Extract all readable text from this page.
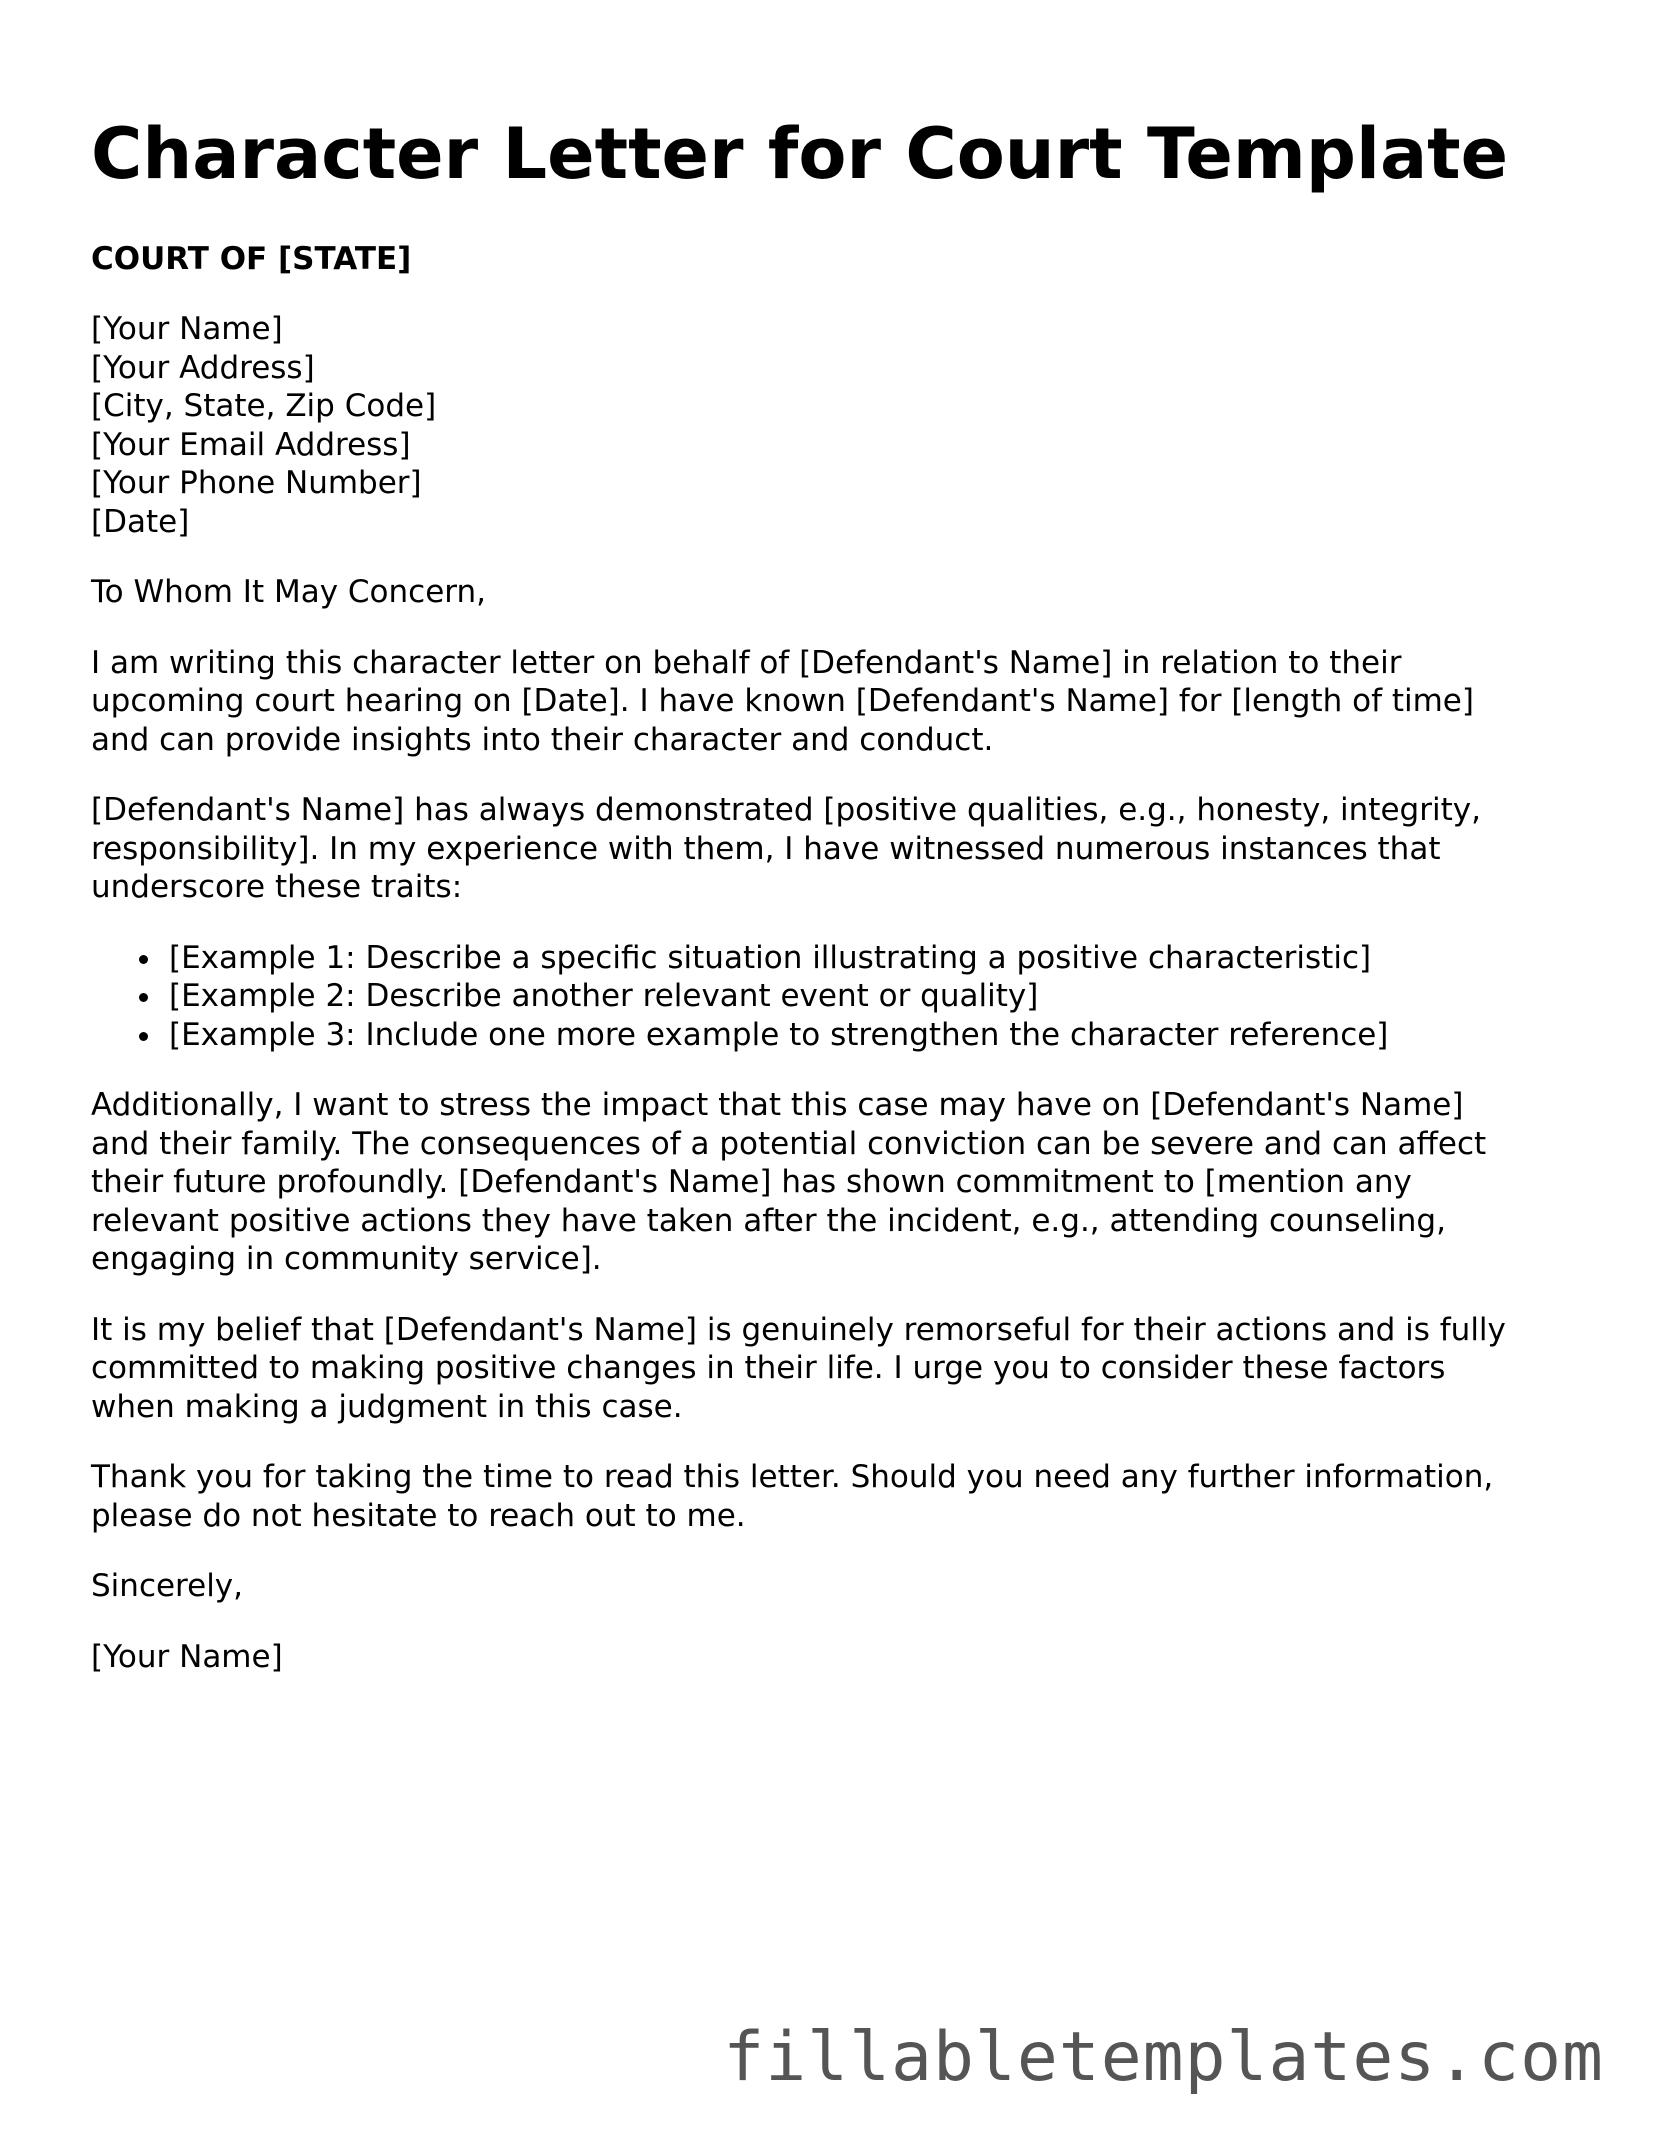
Character Letter for Court Template
COURT OF [STATE]
[Your Name]
[Your Address]
[City, State, Zip Code]
[Your Email Address]
[Your Phone Number]
[Date]
To Whom It May Concern,
I am writing this character letter on behalf of [Defendant's Name] in relation to their
upcoming court hearing on [Date]. I have known [Defendant's Name] for [length of time]
and can provide insights into their character and conduct.
[Defendant's Name] has always demonstrated [positive qualities, e.g., honesty, integrity,
responsibility]. In my experience with them, I have witnessed numerous instances that
underscore these traits:
[Example 1: Describe a specific situation illustrating a positive characteristic]
[Example 2: Describe another relevant event or quality]
[Example 3: Include one more example to strengthen the character reference]
Additionally, I want to stress the impact that this case may have on [Defendant's Name]
and their family. The consequences of a potential conviction can be severe and can affect
their future profoundly. [Defendant's Name] has shown commitment to [mention any
relevant positive actions they have taken after the incident, e.g., attending counseling,
engaging in community service].
It is my belief that [Defendant's Name] is genuinely remorseful for their actions and is fully
committed to making positive changes in their life. I urge you to consider these factors
when making a judgment in this case.
Thank you for taking the time to read this letter. Should you need any further information,
please do not hesitate to reach out to me.
Sincerely,
[Your Name]
fillabletemplates.com
